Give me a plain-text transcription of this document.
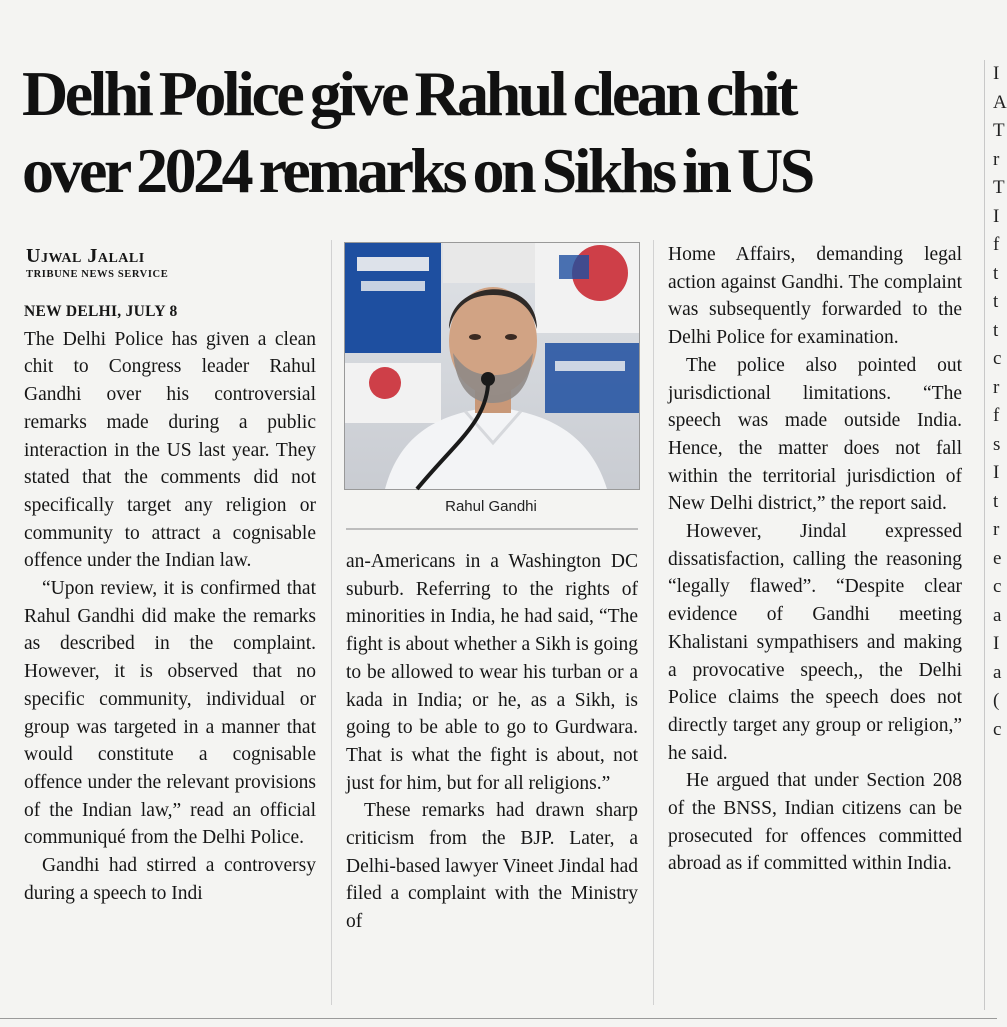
Delhi Police give Rahul clean chit
over 2024 remarks on Sikhs in US
Ujwal Jalali
TRIBUNE NEWS SERVICE
NEW DELHI, JULY 8

The Delhi Police has given a clean chit to Congress leader Rahul Gandhi over his controversial remarks made during a public interaction in the US last year. They stated that the comments did not specifically target any religion or community to attract a cognisable offence under the Indian law.

“Upon review, it is confirmed that Rahul Gandhi did make the remarks as described in the complaint. However, it is observed that no specific community, individual or group was targeted in a manner that would constitute a cognisable offence under the relevant provisions of the Indian law,” read an official communiqué from the Delhi Police.

Gandhi had stirred a controversy during a speech to Indi

Rahul Gandhi

an-Americans in a Washington DC suburb. Referring to the rights of minorities in India, he had said, “The fight is about whether a Sikh is going to be allowed to wear his turban or a kada in India; or he, as a Sikh, is going to be able to go to Gurdwara. That is what the fight is about, not just for him, but for all religions.”

These remarks had drawn sharp criticism from the BJP. Later, a Delhi-based lawyer Vineet Jindal had filed a complaint with the Ministry of

Home Affairs, demanding legal action against Gandhi. The complaint was subsequently forwarded to the Delhi Police for examination.

The police also pointed out jurisdictional limitations. “The speech was made outside India. Hence, the matter does not fall within the territorial jurisdiction of New Delhi district,” the report said.

However, Jindal expressed dissatisfaction, calling the reasoning “legally flawed”. “Despite clear evidence of Gandhi meeting Khalistani sympathisers and making a provocative speech,, the Delhi Police claims the speech does not directly target any group or religion,” he said.

He argued that under Section 208 of the BNSS, Indian citizens can be prosecuted for offences committed abroad as if committed within India.

I
A
T
r
T
I
f
t
t
t
c
r
f
s
I
t
r
e
c
a
I
a
(
c
